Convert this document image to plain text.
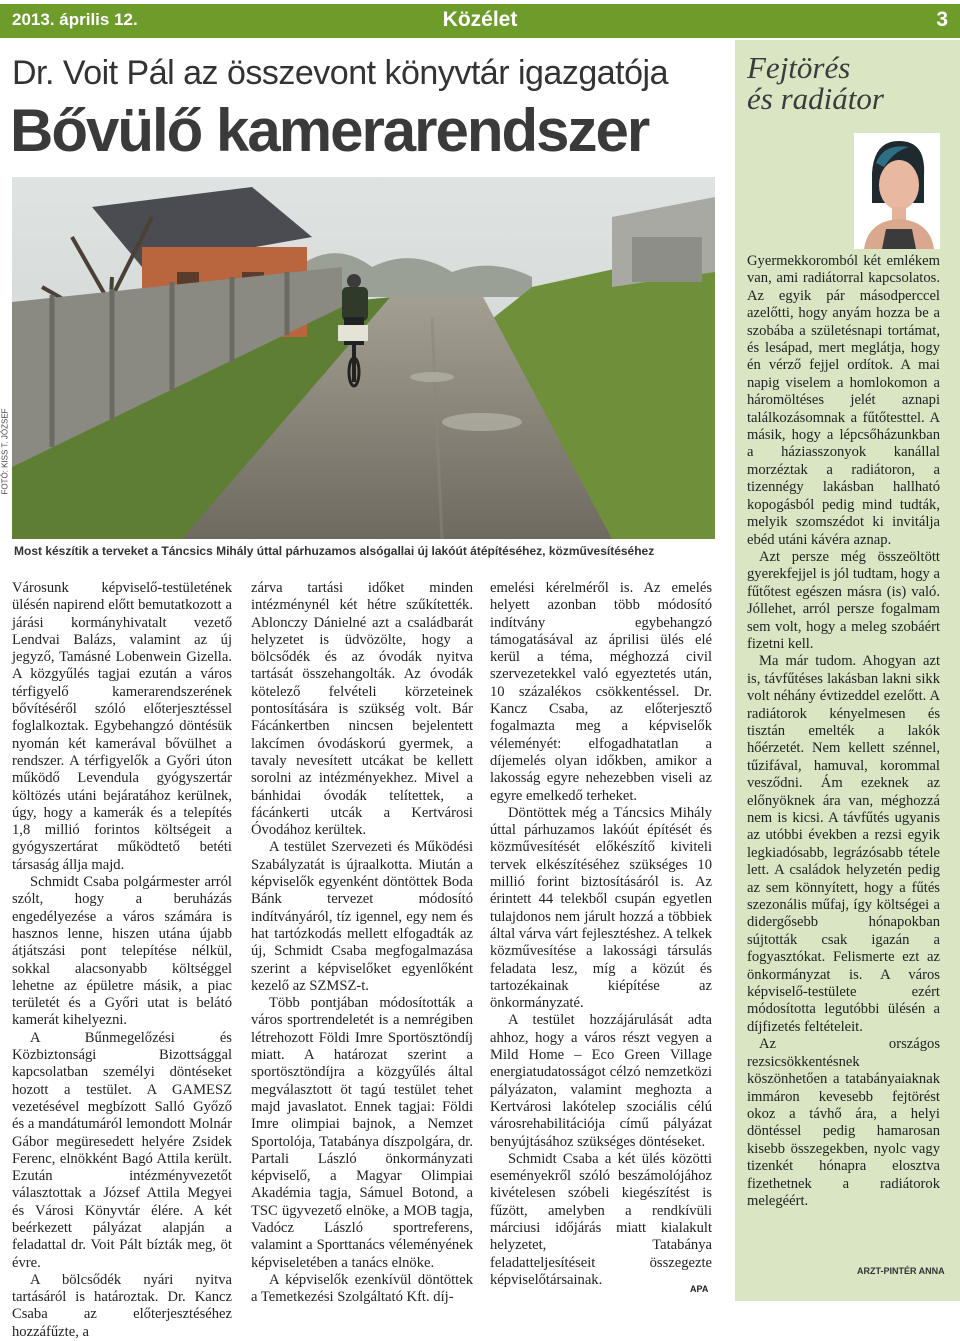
2013. április 12.	Közélet	3
Dr. Voit Pál az összevont könyvtár igazgatója
Bővülő kamerarendszer
FOTÓ: KISS T. JÓZSEF
Most készítik a terveket a Táncsics Mihály úttal párhuzamos alsógallai új lakóút átépítéséhez, közművesítéséhez

Városunk képviselő-testületének ülésén napirend előtt bemutatkozott a járási kormányhivatalt vezető Lendvai Balázs, valamint az új jegyző, Tamásné Lobenwein Gizella. A közgyűlés tagjai ezután a város térfigyelő kamerarendszerének bővítéséről szóló előterjesztéssel foglalkoztak. Egybehangzó döntésük nyomán két kamerával bővülhet a rendszer. A térfigyelők a Győri úton működő Levendula gyógyszertár költözés utáni bejáratához kerülnek, úgy, hogy a kamerák és a telepítés 1,8 millió forintos költségeit a gyógyszertárat működtető betéti társaság állja majd.

Schmidt Csaba polgármester arról szólt, hogy a beruházás engedélyezése a város számára is hasznos lenne, hiszen utána újabb átjátszási pont telepítése nélkül, sokkal alacsonyabb költséggel lehetne az épületre másik, a piac területét és a Győri utat is belátó kamerát kihelyezni.

A Bűnmegelőzési és Közbiztonsági Bizottsággal kapcsolatban személyi döntéseket hozott a testület. A GAMESZ vezetésével megbízott Salló Győző és a mandátumáról lemondott Molnár Gábor megüresedett helyére Zsidek Ferenc, elnökként Bagó Attila került. Ezután intézményvezetőt választottak a József Attila Megyei és Városi Könyvtár élére. A két beérkezett pályázat alapján a feladattal dr. Voit Pált bízták meg, öt évre.

A bölcsődék nyári nyitva tartásáról is határoztak. Dr. Kancz Csaba az előterjesztéséhez hozzáfűzte, a

zárva tartási időket minden intézménynél két hétre szűkítették. Ablonczy Dánielné azt a családbarát helyzetet is üdvözölte, hogy a bölcsődék és az óvodák nyitva tartását összehangolták. Az óvodák kötelező felvételi körzeteinek pontosítására is szükség volt. Bár Fácánkertben nincsen bejelentett lakcímen óvodáskorú gyermek, a tavaly nevesített utcákat be kellett sorolni az intézményekhez. Mivel a bánhidai óvodák telítettek, a fácánkerti utcák a Kertvárosi Óvodához kerültek.

A testület Szervezeti és Működési Szabályzatát is újraalkotta. Miután a képviselők egyenként döntöttek Boda Bánk tervezet módosító indítványáról, tíz igennel, egy nem és hat tartózkodás mellett elfogadták az új, Schmidt Csaba megfogalmazása szerint a képviselőket egyenlőként kezelő az SZMSZ-t.

Több pontjában módosították a város sportrendeletét is a nemrégiben létrehozott Földi Imre Sportösztöndíj miatt. A határozat szerint a sportösztöndíjra a közgyűlés által megválasztott öt tagú testület tehet majd javaslatot. Ennek tagjai: Földi Imre olimpiai bajnok, a Nemzet Sportolója, Tatabánya díszpolgára, dr. Partali László önkormányzati képviselő, a Magyar Olimpiai Akadémia tagja, Sámuel Botond, a TSC ügyvezető elnöke, a MOB tagja, Vadócz László sportreferens, valamint a Sporttanács véleményének képviseletében a tanács elnöke.

A képviselők ezenkívül döntöttek a Temetkezési Szolgáltató Kft. díj-

emelési kérelméről is. Az emelés helyett azonban több módosító indítvány egybehangzó támogatásával az áprilisi ülés elé kerül a téma, méghozzá civil szervezetekkel való egyeztetés után, 10 százalékos csökkentéssel. Dr. Kancz Csaba, az előterjesztő fogalmazta meg a képviselők véleményét: elfogadhatatlan a díjemelés olyan időkben, amikor a lakosság egyre nehezebben viseli az egyre emelkedő terheket.

Döntöttek még a Táncsics Mihály úttal párhuzamos lakóút építését és közművesítését előkészítő kiviteli tervek elkészítéséhez szükséges 10 millió forint biztosításáról is. Az érintett 44 telekből csupán egyetlen tulajdonos nem járult hozzá a többiek által várva várt fejlesztéshez. A telkek közművesítése a lakossági társulás feladata lesz, míg a közút és tartozékainak kiépítése az önkormányzaté.

A testület hozzájárulását adta ahhoz, hogy a város részt vegyen a Mild Home – Eco Green Village energiatudatosságot célzó nemzetközi pályázaton, valamint meghozta a Kertvárosi lakótelep szociális célú városrehabilitációja című pályázat benyújtásához szükséges döntéseket.

Schmidt Csaba a két ülés közötti eseményekről szóló beszámolójához kivételesen szóbeli kiegészítést is fűzött, amelyben a rendkívüli márciusi időjárás miatt kialakult helyzetet, Tatabánya feladatteljesítéseit összegezte képviselőtársainak.

APA
Fejtörés
és radiátor

Gyermekkoromból két emlékem van, ami radiátorral kapcsolatos. Az egyik pár másodperccel azelőtti, hogy anyám hozza be a szobába a születésnapi tortámat, és lesápad, mert meglátja, hogy én vérző fejjel ordítok. A mai napig viselem a homlokomon a háromöltéses jelét aznapi találkozásomnak a fűtőtesttel. A másik, hogy a lépcsőházunkban a háziasszonyok kanállal morzéztak a radiátoron, a tizennégy lakásban hallható kopogásból pedig mind tudták, melyik szomszédot ki invitálja ebéd utáni kávéra aznap.

Azt persze még összeöltött gyerekfejjel is jól tudtam, hogy a fűtőtest egészen másra (is) való. Jóllehet, arról persze fogalmam sem volt, hogy a meleg szobáért fizetni kell.

Ma már tudom. Ahogyan azt is, távfűtéses lakásban lakni sikk volt néhány évtizeddel ezelőtt. A radiátorok kényelmesen és tisztán emelték a lakók hőérzetét. Nem kellett szénnel, tűzifával, hamuval, korommal vesződni. Ám ezeknek az előnyöknek ára van, méghozzá nem is kicsi. A távfűtés ugyanis az utóbbi években a rezsi egyik legkiadósabb, legrázósabb tétele lett. A családok helyzetén pedig az sem könnyített, hogy a fűtés szezonális műfaj, így költségei a didergősebb hónapokban sújtották csak igazán a fogyasztókat. Felismerte ezt az önkormányzat is. A város képviselő-testülete ezért módosította legutóbbi ülésén a díjfizetés feltételeit.

Az országos rezsicsökkentésnek köszönhetően a tatabányaiaknak immáron kevesebb fejtörést okoz a távhő ára, a helyi döntéssel pedig hamarosan kisebb összegekben, nyolc vagy tizenkét hónapra elosztva fizethetnek a radiátorok melegéért.

ARZT-PINTÉR ANNA
